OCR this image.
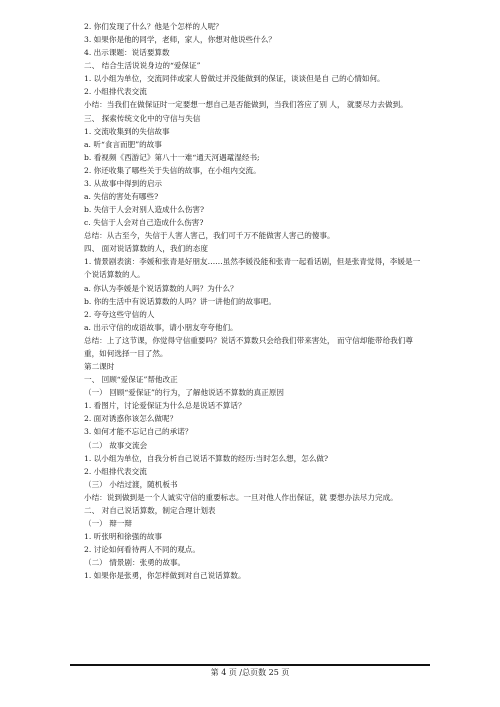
2. 你们发现了什么？他是个怎样的人呢？
3. 如果你是他的同学，老师，家人，你想对他说些什么？
4. 出示课题：说话要算数
二、 结合生活说说身边的“爱保证”
1. 以小组为单位，交流同伴或家人曾做过并没能做到的保证，谈谈但是自 己的心情如何。
2. 小组排代表交流
小结：当我们在做保证时一定要想一想自己是否能做到，当我们答应了别 人， 就要尽力去做到。
三、 探索传统文化中的守信与失信
1. 交流收集到的失信故事
a. 听“食言而肥”的故事
b. 看视频《西游记》第八十一难“通天河遇鼋湿经书;
2. 你还收集了哪些关于失信的故事，在小组内交流。
3. 从故事中得到的启示
a. 失信的害处有哪些?
b. 失信于人会对别人造成什么伤害?
c. 失信于人会对自己造成什么伤害?
总结：从古至今，失信于人害人害己，我们可千万不能做害人害己的傻事。
四、 面对说话算数的人，我们的态度
1. 情景剧表演：李媛和张青是好朋友……虽然李媛没能和张青一起看话剧，但是张青觉得，李媛是一个说话算数的人。
a. 你认为李媛是个说话算数的人吗？为什么？
b. 你的生活中有说话算数的人吗？讲一讲他们的故事吧。
2. 夸夸这些守信的人
a. 出示守信的成语故事，请小朋友夸夸他们。
总结：上了这节课，你觉得守信重要吗？说话不算数只会给我们带来害处， 而守信却能带给我们尊重，如何选择一目了然。
第二课时
一、 回顾“爱保证”帮他改正
（一） 回顾“爱保证”的行为，了解他说话不算数的真正原因
1. 看图片，讨论爱保证为什么总是说话不算话？
2. 面对诱惑你该怎么做呢？
3. 如何才能不忘记自己的承诺？
（二） 故事交流会
1. 以小组为单位，自我分析自己说话不算数的经历:当时怎么想，怎么做?
2. 小组排代表交流
（三） 小结过渡，随机板书
小结：说到做到是一个人诚实守信的重要标志。一旦对他人作出保证，就 要想办法尽力完成。
二、 对自己说话算数，制定合理计划表
（一） 辩一辩
1. 听张明和徐强的故事
2. 讨论如何看待两人不同的观点。
（二） 情景剧：张勇的故事。
1. 如果你是张勇，你怎样做到对自己说话算数。
第 4 页 /总页数 25 页
